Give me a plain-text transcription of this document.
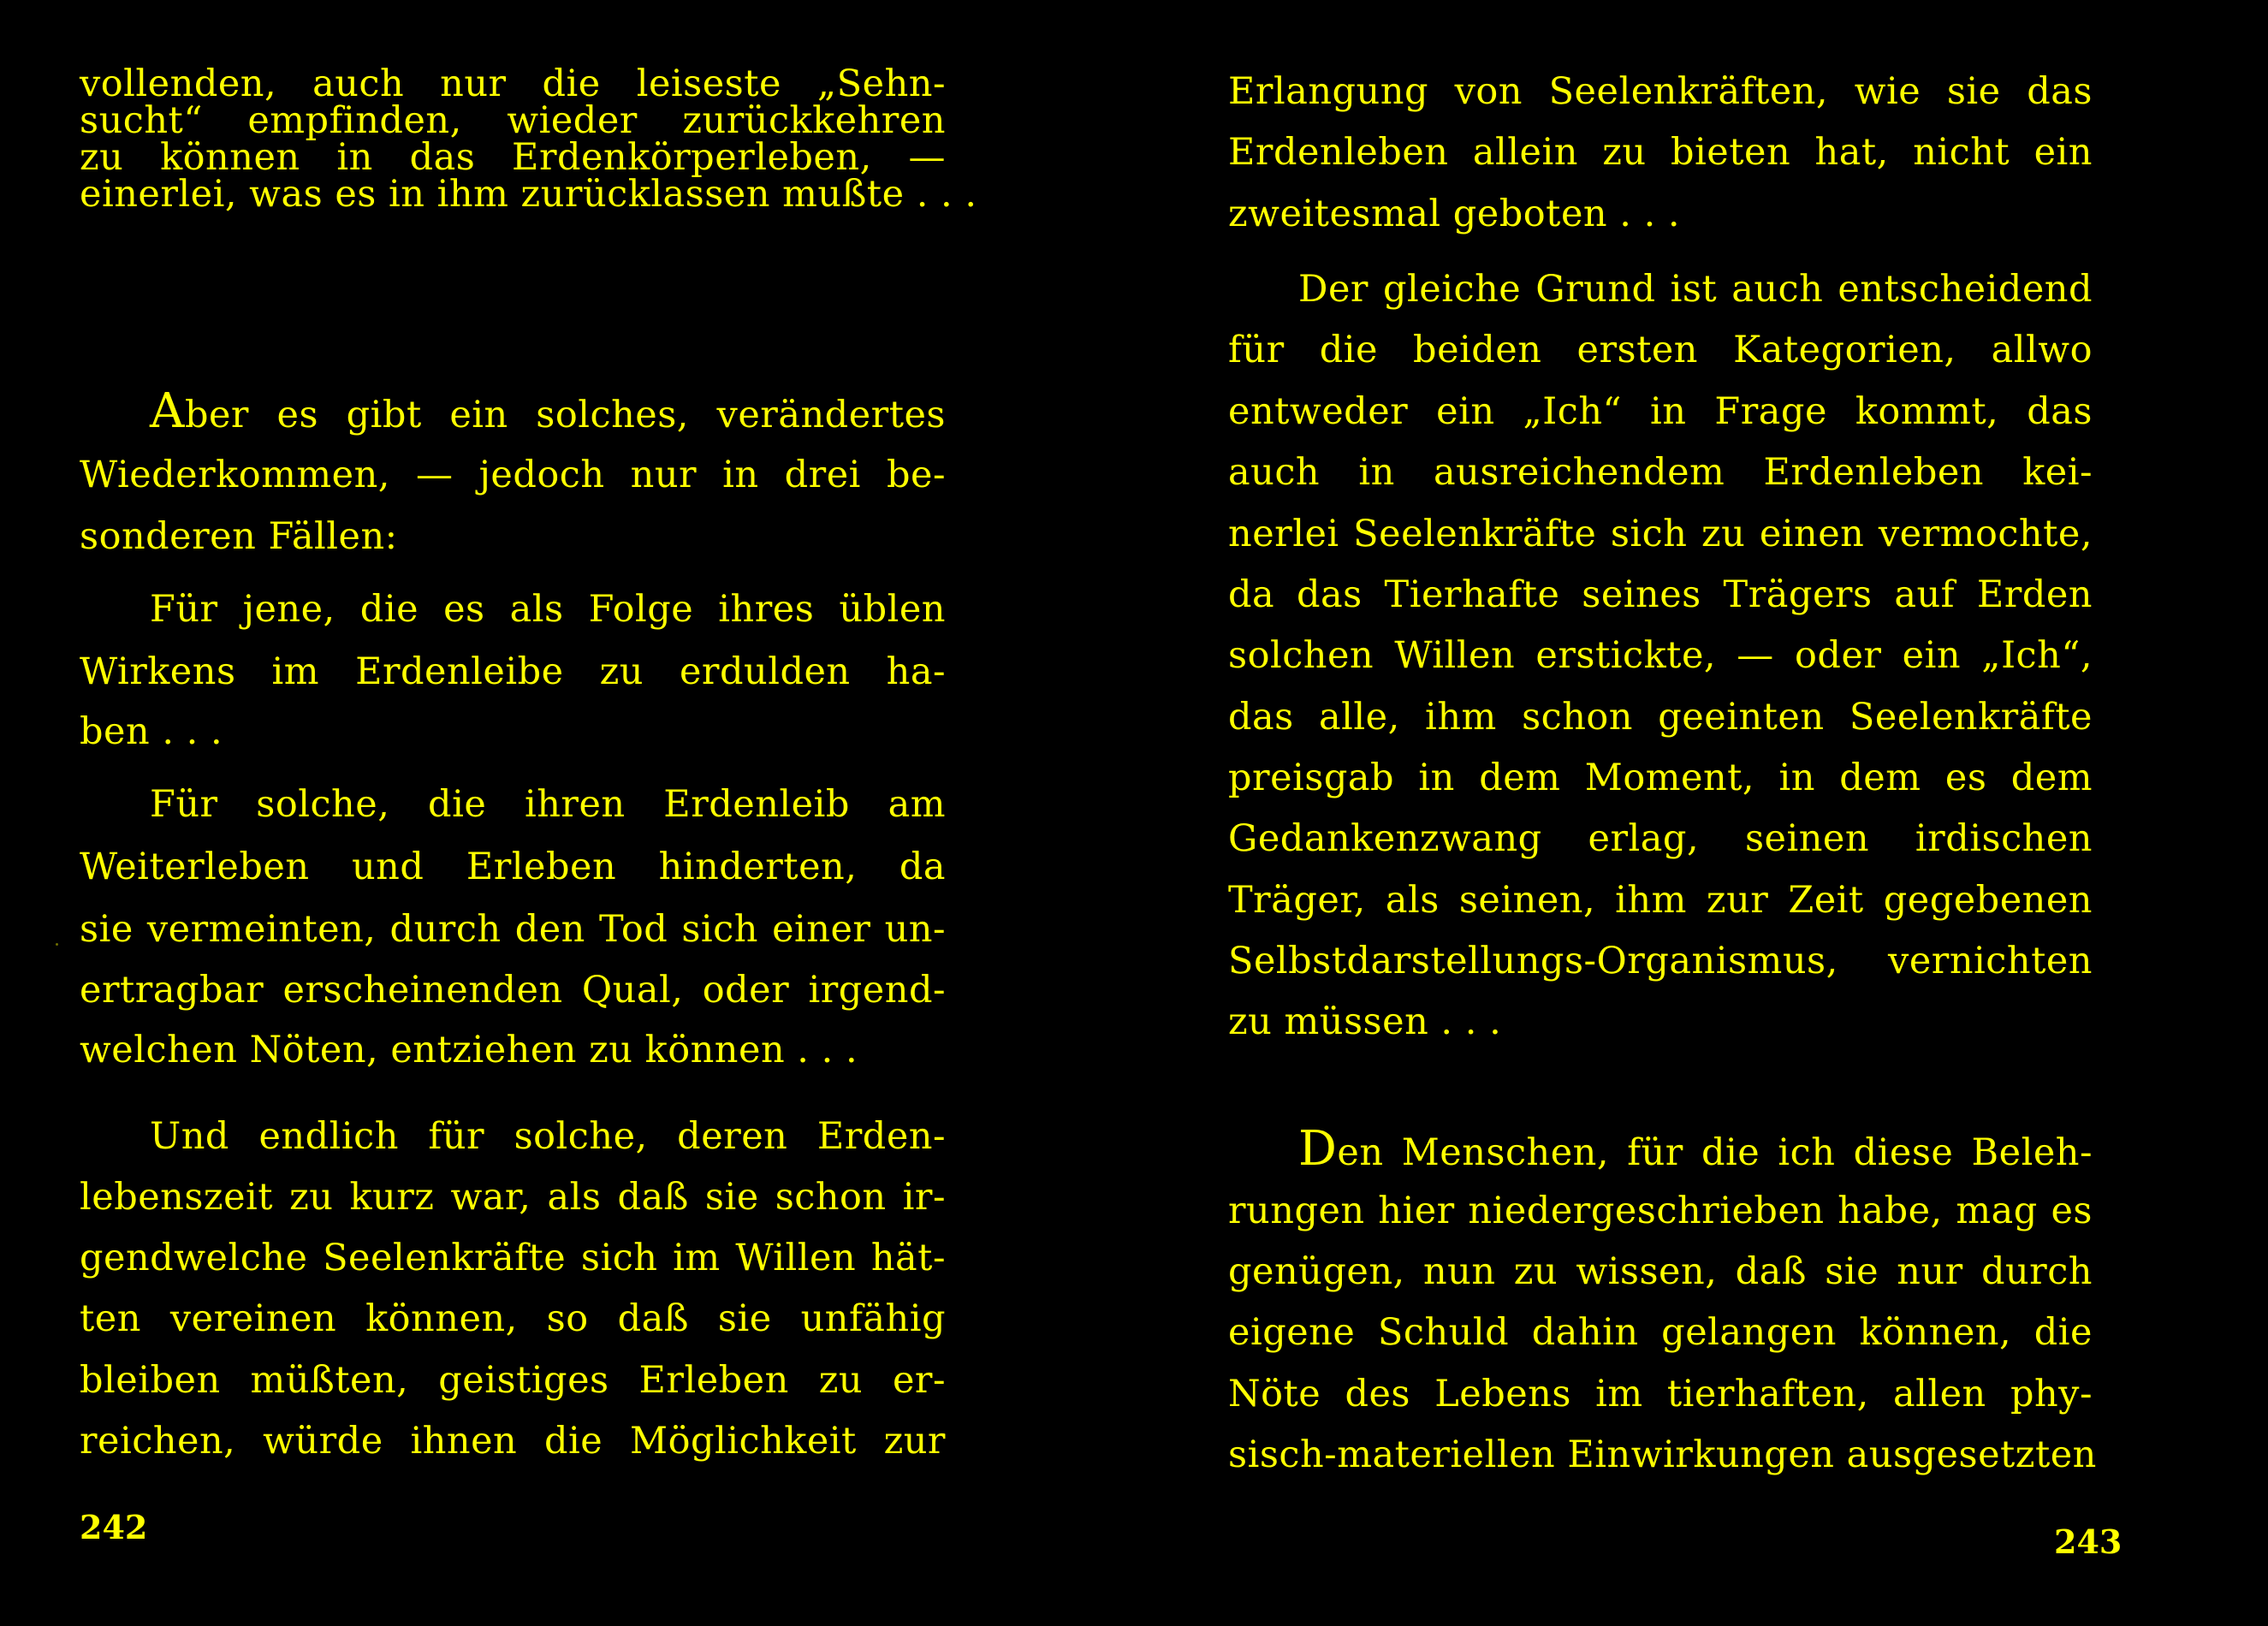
vollenden, auch nur die leiseste „Sehn-
sucht“ empfinden, wieder zurückkehren
zu können in das Erdenkörperleben, —
einerlei, was es in ihm zurücklassen mußte . . .
Aber es gibt ein solches, verändertes
Wiederkommen, — jedoch nur in drei be-
sonderen Fällen:
Für jene, die es als Folge ihres üblen
Wirkens im Erdenleibe zu erdulden ha-
ben . . .
Für solche, die ihren Erdenleib am
Weiterleben und Erleben hinderten, da
sie vermeinten, durch den Tod sich einer un-
ertragbar erscheinenden Qual, oder irgend-
welchen Nöten, entziehen zu können . . .
Und endlich für solche, deren Erden-
lebenszeit zu kurz war, als daß sie schon ir-
gendwelche Seelenkräfte sich im Willen hät-
ten vereinen können, so daß sie unfähig
bleiben müßten, geistiges Erleben zu er-
reichen, würde ihnen die Möglichkeit zur
242
Erlangung von Seelenkräften, wie sie das
Erdenleben allein zu bieten hat, nicht ein
zweitesmal geboten . . .
Der gleiche Grund ist auch entscheidend
für die beiden ersten Kategorien, allwo
entweder ein „Ich“ in Frage kommt, das
auch in ausreichendem Erdenleben kei-
nerlei Seelenkräfte sich zu einen vermochte,
da das Tierhafte seines Trägers auf Erden
solchen Willen erstickte, — oder ein „Ich“,
das alle, ihm schon geeinten Seelenkräfte
preisgab in dem Moment, in dem es dem
Gedankenzwang erlag, seinen irdischen
Träger, als seinen, ihm zur Zeit gegebenen
Selbstdarstellungs-Organismus, vernichten
zu müssen . . .
Den Menschen, für die ich diese Beleh-
rungen hier niedergeschrieben habe, mag es
genügen, nun zu wissen, daß sie nur durch
eigene Schuld dahin gelangen können, die
Nöte des Lebens im tierhaften, allen phy-
sisch-materiellen Einwirkungen ausgesetzten
243
